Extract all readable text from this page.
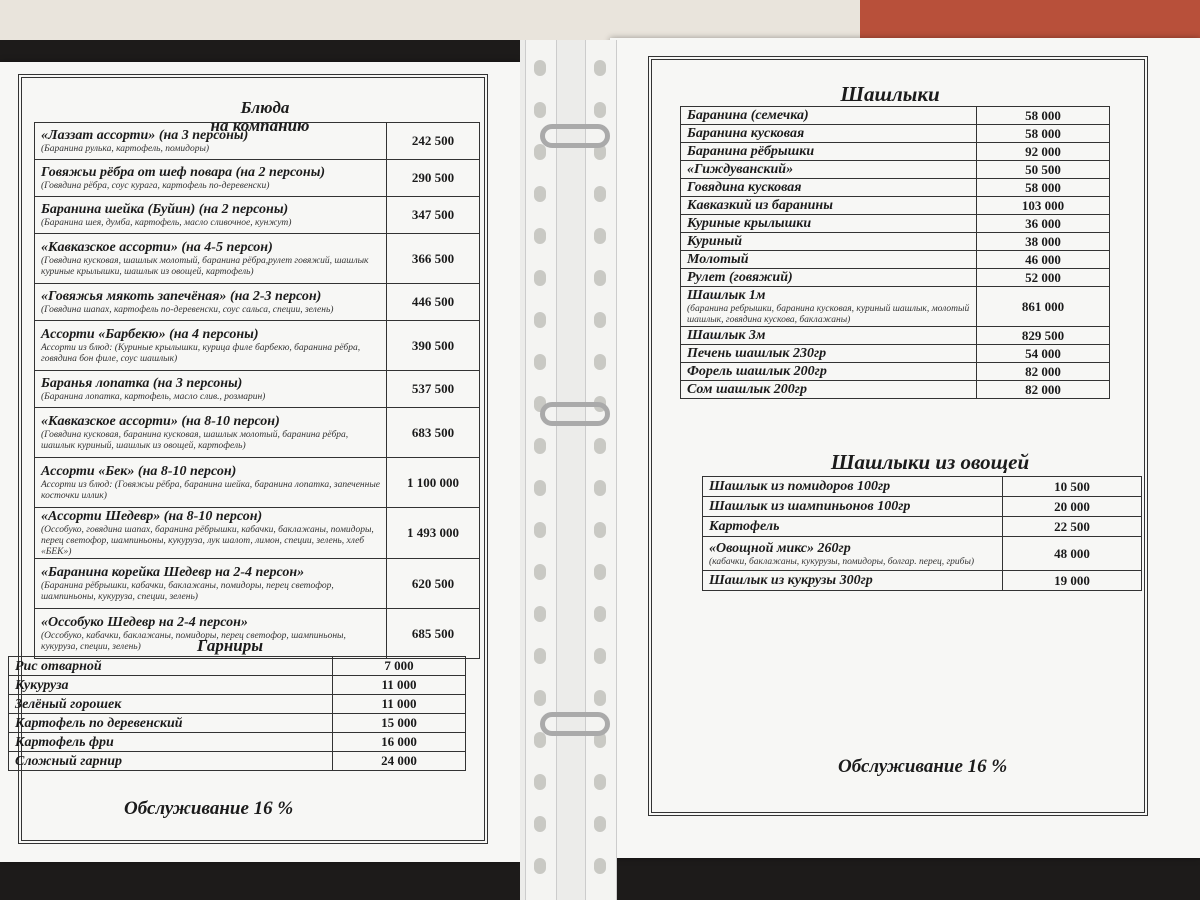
Блюда
на компанию
«Лаззат ассорти» (на 3 персоны)
(Баранина рулька, картофель, помидоры)	242 500

Говяжьи рёбра от шеф повара (на 2 персоны)
(Говядина рёбра, соус курага, картофель по-деревенски)	290 500

Баранина шейка (Буйин) (на 2 персоны)
(Баранина шея, думба, картофель, масло сливочное, кунжут)	347 500

«Кавказское ассорти» (на 4-5 персон)
(Говядина кусковая, шашлык молотый, баранина рёбра,рулет говяжий, шашлык куриные крылышки, шашлык из овощей, картофель)	366 500

«Говяжья мякоть запечёная» (на 2-3 персон)
(Говядина шапах, картофель по-деревенски, соус сальса, специи, зелень)	446 500

Ассорти «Барбекю» (на 4 персоны)
Ассорти из блюд: (Куриные крылышки, курица филе барбекю, баранина рёбра, говядина бон филе, соус шашлык)	390 500

Баранья лопатка (на 3 персоны)
(Баранина лопатка, картофель, масло слив., розмарин)	537 500

«Кавказское ассорти» (на 8-10 персон)
(Говядина кусковая, баранина кусковая, шашлык молотый, баранина рёбра, шашлык куриный, шашлык из овощей, картофель)	683 500

Ассорти «Бек» (на 8-10 персон)
Ассорти из блюд: (Говяжьи рёбра, баранина шейка, баранина лопатка, запеченные косточки иллик)	1 100 000

«Ассорти Шедевр» (на 8-10 персон)
(Оссобуко, говядина шапах, баранина рёбрышки, кабачки, баклажаны, помидоры, перец светофор, шампиньоны, кукуруза, лук шалот, лимон, специи, зелень, хлеб «БЕК»)	1 493 000

«Баранина корейка Шедевр на 2-4 персон»
(Баранина рёбрышки, кабачки, баклажаны, помидоры, перец светофор, шампиньоны, кукуруза, специи, зелень)	620 500

«Оссобуко Шедевр на 2-4 персон»
(Оссобуко, кабачки, баклажаны, помидоры, перец светофор, шампиньоны, кукуруза, специи, зелень)	685 500
Гарниры
Рис отварной	7 000

Кукуруза	11 000

Зелёный горошек	11 000

Картофель по деревенский	15 000

Картофель фри	16 000

Сложный гарнир	24 000
Обслуживание 16 %
Шашлыки
Баранина (семечка)	58 000

Баранина кусковая	58 000

Баранина рёбрышки	92 000

«Гиждуванский»	50 500

Говядина кусковая	58 000

Кавказкий из баранины	103 000

Куриные крылышки	36 000

Куриный	38 000

Молотый	46 000

Рулет (говяжий)	52 000

Шашлык 1м
(баранина ребрышки, баранина кусковая, куриный шашлык, молотый шашлык, говядина кускова, баклажаны)	861 000

Шашлык 3м	829 500

Печень шашлык 230гр	54 000

Форель шашлык 200гр	82 000

Сом шашлык 200гр	82 000
Шашлыки из овощей
Шашлык из помидоров 100гр	10 500

Шашлык из шампиньонов 100гр	20 000

Картофель	22 500

«Овощной микс» 260гр
(кабачки, баклажаны, кукурузы, помидоры, болгар. перец, грибы)	48 000

Шашлык из кукрузы 300гр	19 000
Обслуживание 16 %
